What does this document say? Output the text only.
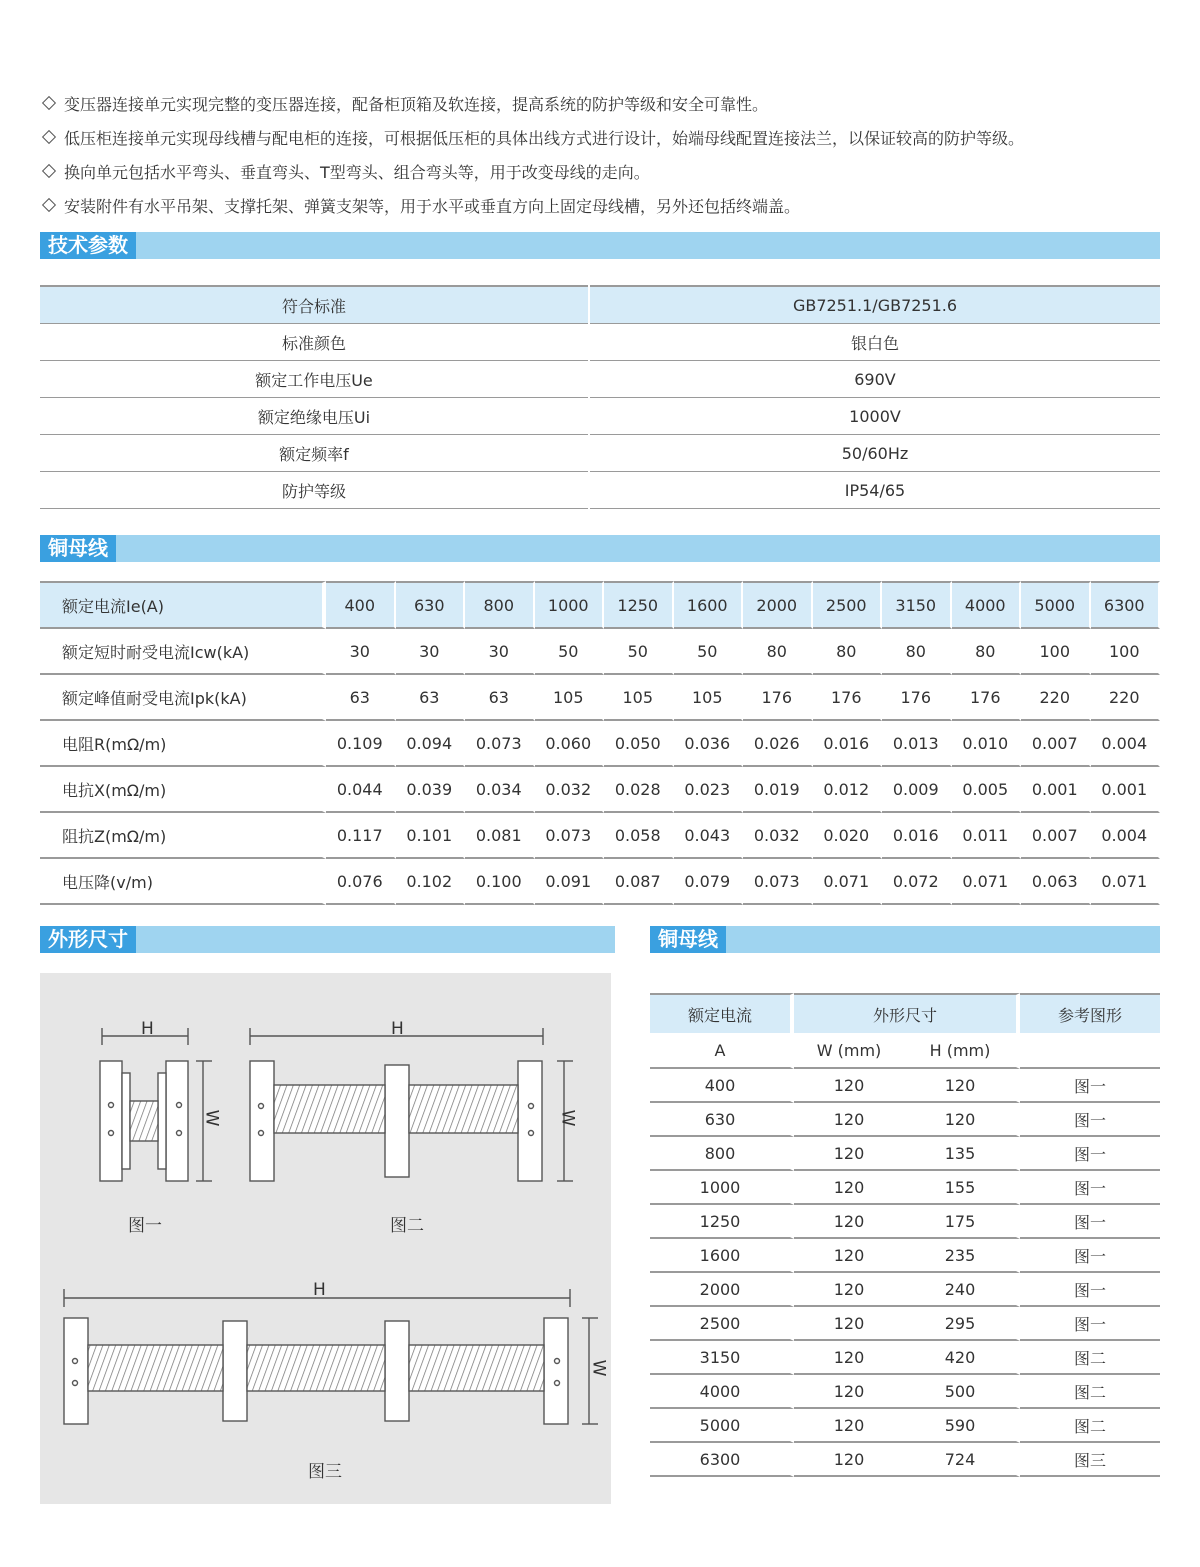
变压器连接单元实现完整的变压器连接，配备柜顶箱及软连接，提高系统的防护等级和安全可靠性。
低压柜连接单元实现母线槽与配电柜的连接，可根据低压柜的具体出线方式进行设计，始端母线配置连接法兰，以保证较高的防护等级。
换向单元包括水平弯头、垂直弯头、T型弯头、组合弯头等，用于改变母线的走向。
安装附件有水平吊架、支撑托架、弹簧支架等，用于水平或垂直方向上固定母线槽，另外还包括终端盖。
技术参数
符合标准	GB7251.1/GB7251.6
标准颜色	银白色
额定工作电压Ue	690V
额定绝缘电压Ui	1000V
额定频率f	50/60Hz
防护等级	IP54/65
铜母线
额定电流Ie(A)	400	630	800	1000	1250	1600	2000	2500	3150	4000	5000	6300
额定短时耐受电流Icw(kA)	30	30	30	50	50	50	80	80	80	80	100	100
额定峰值耐受电流Ipk(kA)	63	63	63	105	105	105	176	176	176	176	220	220
电阻R(mΩ/m)	0.109	0.094	0.073	0.060	0.050	0.036	0.026	0.016	0.013	0.010	0.007	0.004
电抗X(mΩ/m)	0.044	0.039	0.034	0.032	0.028	0.023	0.019	0.012	0.009	0.005	0.001	0.001
阻抗Z(mΩ/m)	0.117	0.101	0.081	0.073	0.058	0.043	0.032	0.020	0.016	0.011	0.007	0.004
电压降(v/m)	0.076	0.102	0.100	0.091	0.087	0.079	0.073	0.071	0.072	0.071	0.063	0.071
外形尺寸	铜母线
H	H
H
W	W
W
图一	图二
图三
额定电流	外形尺寸		参考图形
A	W (mm)	H (mm)	
400	120	120	图一
630	120	120	图一
800	120	135	图一
1000	120	155	图一
1250	120	175	图一
1600	120	235	图一
2000	120	240	图一
2500	120	295	图一
3150	120	420	图二
4000	120	500	图二
5000	120	590	图二
6300	120	724	图三
